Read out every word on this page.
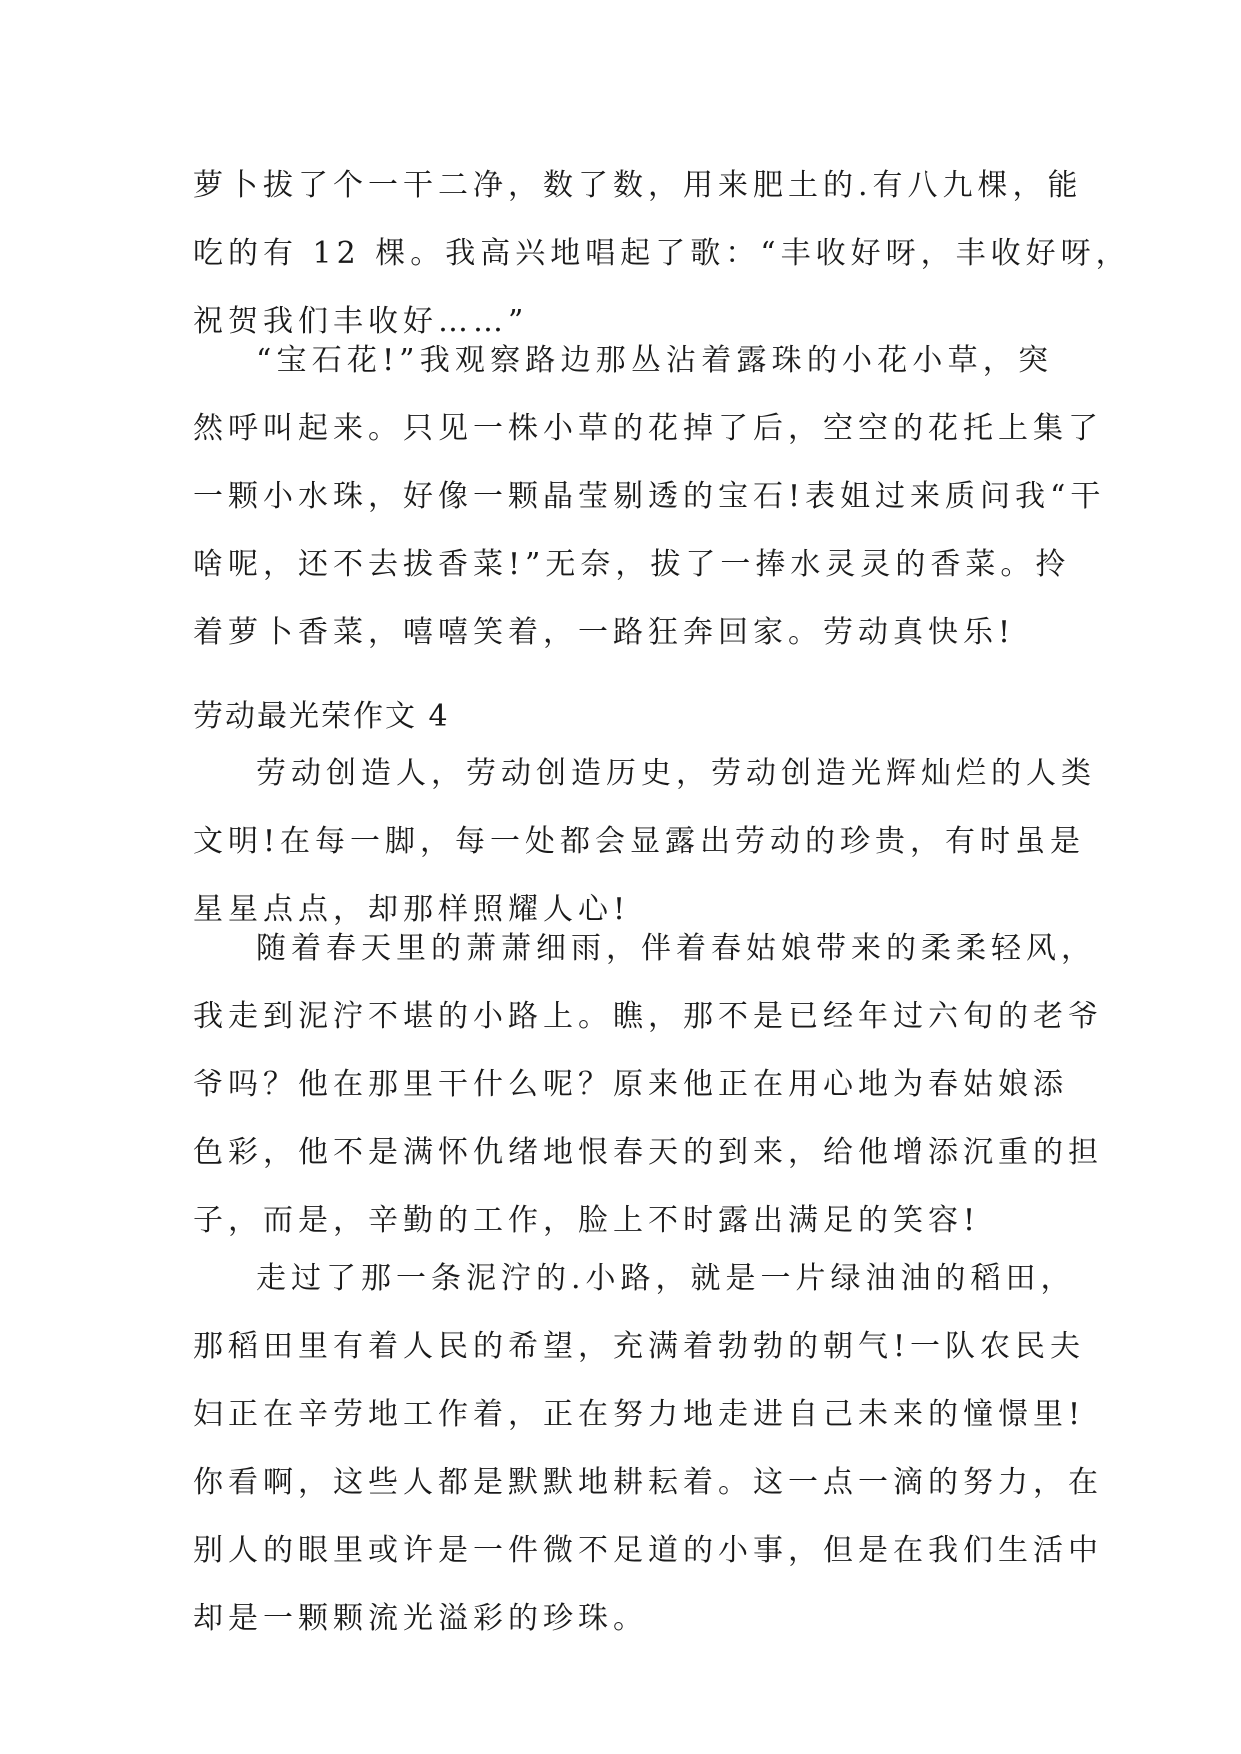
萝卜拔了个一干二净，数了数，用来肥土的.有八九棵，能
吃的有 12 棵。我高兴地唱起了歌：“丰收好呀，丰收好呀，
祝贺我们丰收好……”
“宝石花!”我观察路边那丛沾着露珠的小花小草，突
然呼叫起来。只见一株小草的花掉了后，空空的花托上集了
一颗小水珠，好像一颗晶莹剔透的宝石!表姐过来质问我“干
啥呢，还不去拔香菜!”无奈，拔了一捧水灵灵的香菜。拎
着萝卜香菜，嘻嘻笑着，一路狂奔回家。劳动真快乐!
劳动最光荣作文 4
劳动创造人，劳动创造历史，劳动创造光辉灿烂的人类
文明!在每一脚，每一处都会显露出劳动的珍贵，有时虽是
星星点点，却那样照耀人心!
随着春天里的萧萧细雨，伴着春姑娘带来的柔柔轻风，
我走到泥泞不堪的小路上。瞧，那不是已经年过六旬的老爷
爷吗？他在那里干什么呢？原来他正在用心地为春姑娘添
色彩，他不是满怀仇绪地恨春天的到来，给他增添沉重的担
子，而是，辛勤的工作，脸上不时露出满足的笑容!
走过了那一条泥泞的.小路，就是一片绿油油的稻田，
那稻田里有着人民的希望，充满着勃勃的朝气!一队农民夫
妇正在辛劳地工作着，正在努力地走进自己未来的憧憬里!
你看啊，这些人都是默默地耕耘着。这一点一滴的努力，在
别人的眼里或许是一件微不足道的小事，但是在我们生活中
却是一颗颗流光溢彩的珍珠。
